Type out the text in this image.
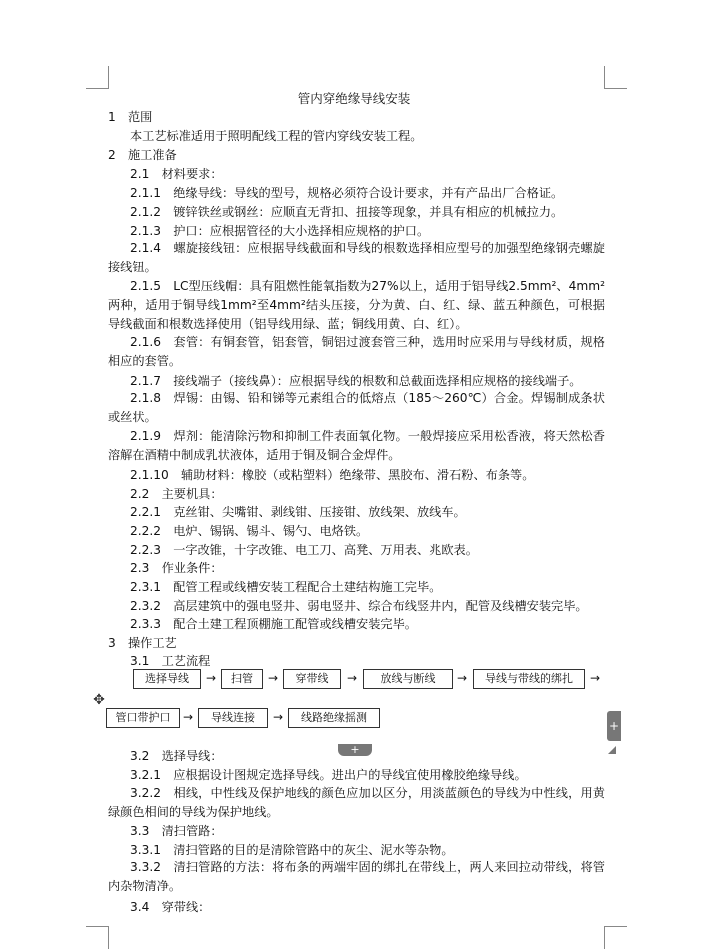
管内穿绝缘导线安装
1　范围
本工艺标准适用于照明配线工程的管内穿线安装工程。
2　施工准备
2.1　材料要求：
2.1.1　绝缘导线：导线的型号，规格必须符合设计要求，并有产品出厂合格证。
2.1.2　镀锌铁丝或钢丝：应顺直无背扣、扭接等现象，并具有相应的机械拉力。
2.1.3　护口：应根据管径的大小选择相应规格的护口。
2.1.4　螺旋接线钮：应根据导线截面和导线的根数选择相应型号的加强型绝缘钢壳螺旋接线钮。
2.1.5　LC型压线帽：具有阻燃性能氧指数为27%以上，适用于铝导线2.5mm²、4mm²两种，适用于铜导线1mm²至4mm²结头压接，分为黄、白、红、绿、蓝五种颜色，可根据导线截面和根数选择使用（铝导线用绿、蓝；铜线用黄、白、红）。
2.1.6　套管：有铜套管，铝套管，铜铝过渡套管三种，选用时应采用与导线材质，规格相应的套管。
2.1.7　接线端子（接线鼻）：应根据导线的根数和总截面选择相应规格的接线端子。
2.1.8　焊锡：由锡、铅和锑等元素组合的低熔点（185～260℃）合金。焊锡制成条状或丝状。
2.1.9　焊剂：能清除污物和抑制工件表面氧化物。一般焊接应采用松香液，将天然松香溶解在酒精中制成乳状液体，适用于铜及铜合金焊件。
2.1.10　辅助材料：橡胶（或粘塑料）绝缘带、黑胶布、滑石粉、布条等。
2.2　主要机具：
2.2.1　克丝钳、尖嘴钳、剥线钳、压接钳、放线架、放线车。
2.2.2　电炉、锡锅、锡斗、锡勺、电烙铁。
2.2.3　一字改锥，十字改锥、电工刀、高凳、万用表、兆欧表。
2.3　作业条件：
2.3.1　配管工程或线槽安装工程配合土建结构施工完毕。
2.3.2　高层建筑中的强电竖井、弱电竖井、综合布线竖井内，配管及线槽安装完毕。
2.3.3　配合土建工程顶棚施工配管或线槽安装完毕。
3　操作工艺
3.1　工艺流程
选择导线	→	扫管	→	穿带线	→	放线与断线	→	导线与带线的绑扎	→
管口带护口	→	导线连接	→	线路绝缘摇测
✥
+
+
3.2　选择导线：
3.2.1　应根据设计图规定选择导线。进出户的导线宜使用橡胶绝缘导线。
3.2.2　相线，中性线及保护地线的颜色应加以区分，用淡蓝颜色的导线为中性线，用黄绿颜色相间的导线为保护地线。
3.3　清扫管路：
3.3.1　清扫管路的目的是清除管路中的灰尘、泥水等杂物。
3.3.2　清扫管路的方法：将布条的两端牢固的绑扎在带线上，两人来回拉动带线，将管内杂物清净。
3.4　穿带线：
